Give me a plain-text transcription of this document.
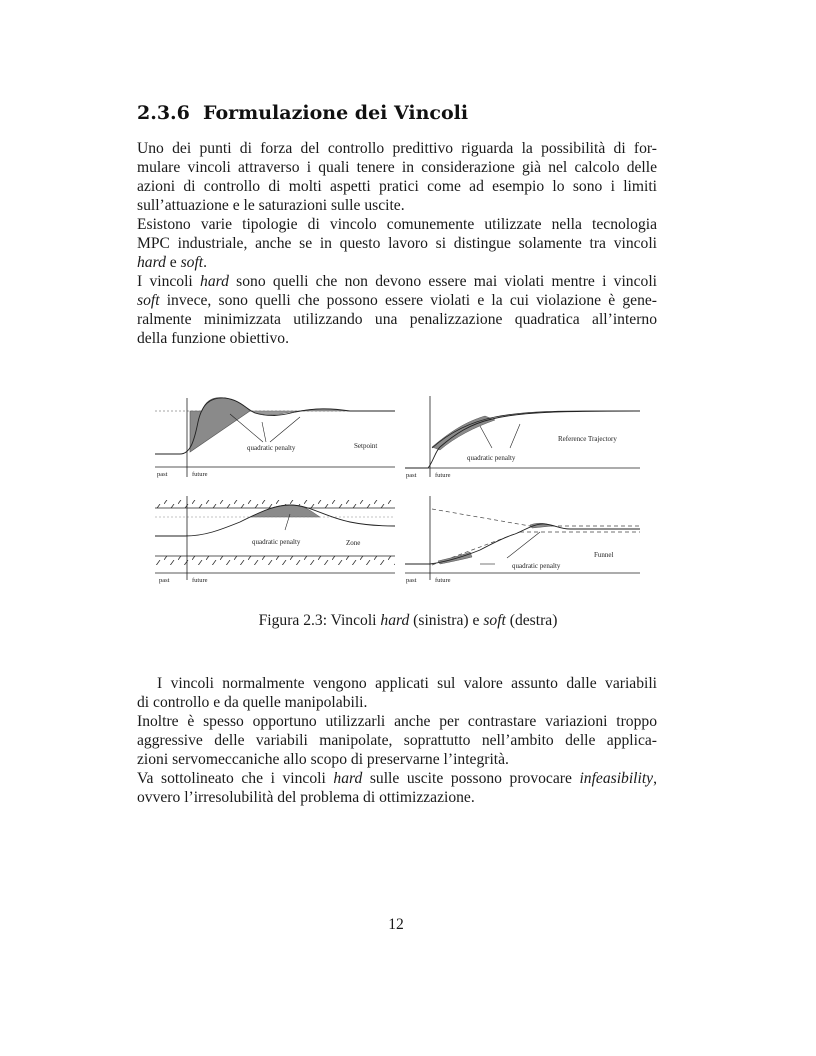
2.3.6 Formulazione dei Vincoli
Uno dei punti di forza del controllo predittivo riguarda la possibilità di for-
mulare vincoli attraverso i quali tenere in considerazione già nel calcolo delle
azioni di controllo di molti aspetti pratici come ad esempio lo sono i limiti
sull’attuazione e le saturazioni sulle uscite.
Esistono varie tipologie di vincolo comunemente utilizzate nella tecnologia
MPC industriale, anche se in questo lavoro si distingue solamente tra vincoli
hard e soft.
I vincoli hard sono quelli che non devono essere mai violati mentre i vincoli
soft invece, sono quelli che possono essere violati e la cui violazione è gene-
ralmente minimizzata utilizzando una penalizzazione quadratica all’interno
della funzione obiettivo.
quadratic penalty	Setpoint
past	future
quadratic penalty
Reference Trajectory
past	future
quadratic penalty	Zone
past	future
quadratic penalty
Funnel
past	future
Figura 2.3: Vincoli hard (sinistra) e soft (destra)
I vincoli normalmente vengono applicati sul valore assunto dalle variabili
di controllo e da quelle manipolabili.
Inoltre è spesso opportuno utilizzarli anche per contrastare variazioni troppo
aggressive delle variabili manipolate, soprattutto nell’ambito delle applica-
zioni servomeccaniche allo scopo di preservarne l’integrità.
Va sottolineato che i vincoli hard sulle uscite possono provocare infeasibility,
ovvero l’irresolubilità del problema di ottimizzazione.
12
